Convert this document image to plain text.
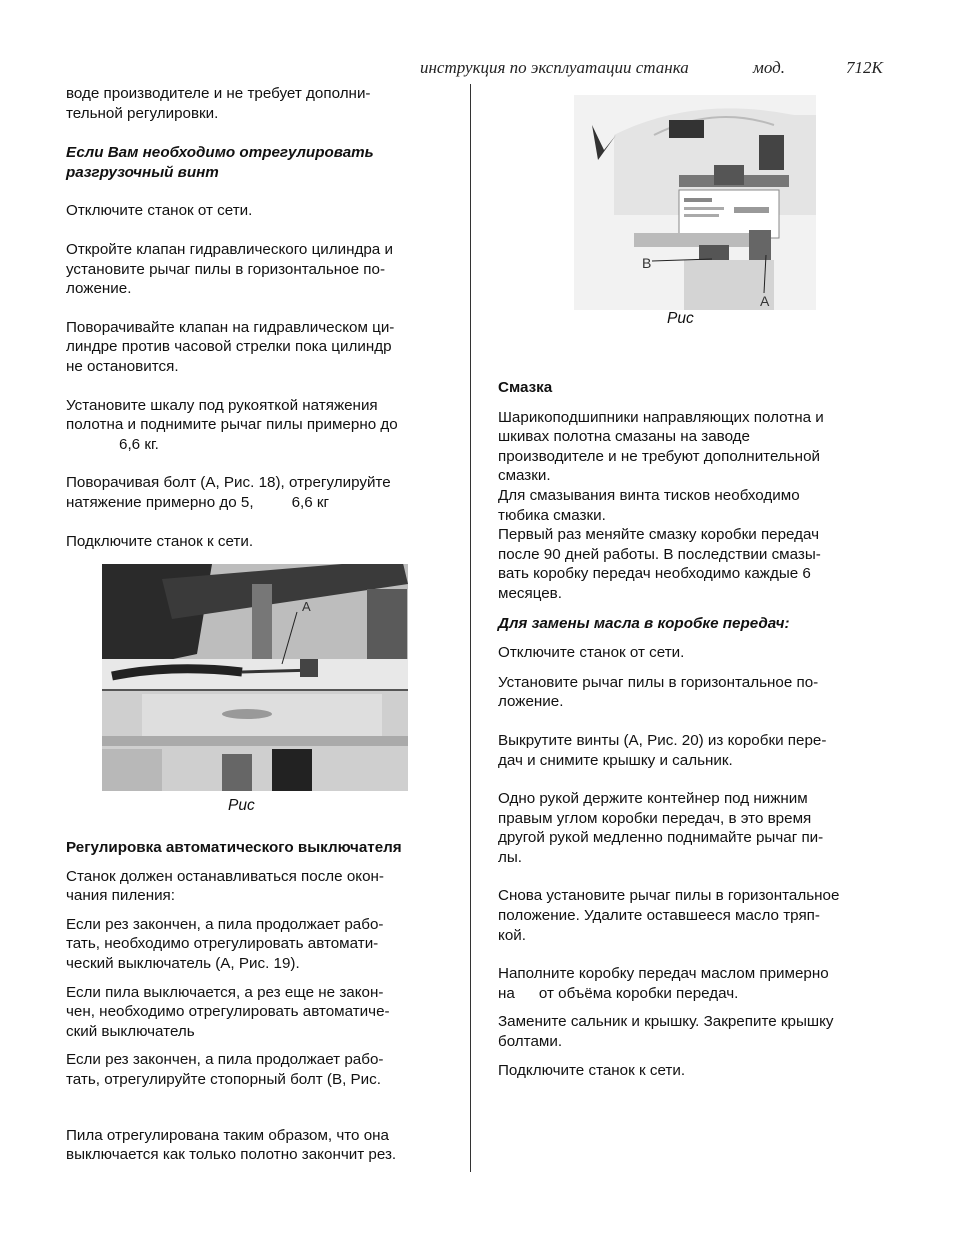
инструкция по эксплуатации станка	мод.	712К

воде производителе и не требует дополни-
тельной регулировки.

Если Вам необходимо отрегулировать
разгрузочный винт

Отключите станок от сети.

Откройте клапан гидравлического цилиндра и
установите рычаг пилы в горизонтальное по-
ложение.

Поворачивайте клапан на гидравлическом ци-
линдре против часовой стрелки пока цилиндр
не остановится.

Установите шкалу под рукояткой натяжения
полотна и поднимите рычаг пилы примерно до
6,6 кг.

Поворачивая болт (А, Рис. 18), отрегулируйте
натяжение примерно до 5,	6,6 кг

Подключите станок к сети.

A
Рис

Регулировка автоматического выключателя

Станок должен останавливаться после окон-
чания пиления:

Если рез закончен, а пила продолжает рабо-
тать, необходимо отрегулировать автомати-
ческий выключатель (А, Рис. 19).

Если пила выключается, а рез еще не закон-
чен, необходимо отрегулировать автоматиче-
ский выключатель

Если рез закончен, а пила продолжает рабо-
тать, отрегулируйте стопорный болт (B, Рис.

Пила отрегулирована таким образом, что она
выключается как только полотно закончит рез.

B
A
Рис

Смазка

Шарикоподшипники направляющих полотна и
шкивах полотна смазаны на заводе
производителе и не требуют дополнительной
смазки.
Для смазывания винта тисков необходимо
тюбика смазки.
Первый раз меняйте смазку коробки передач
после 90 дней работы. В последствии смазы-
вать коробку передач необходимо каждые 6
месяцев.

Для замены масла в коробке передач:

Отключите станок от сети.

Установите рычаг пилы в горизонтальное по-
ложение.

Выкрутите винты (А, Рис. 20) из коробки пере-
дач и снимите крышку и сальник.

Одно рукой держите контейнер под нижним
правым углом коробки передач, в это время
другой рукой медленно поднимайте рычаг пи-
лы.

Снова установите рычаг пилы в горизонтальное
положение. Удалите оставшееся масло тряп-
кой.

Наполните коробку передач маслом примерно
на от объёма коробки передач.

Замените сальник и крышку. Закрепите крышку
болтами.

Подключите станок к сети.
